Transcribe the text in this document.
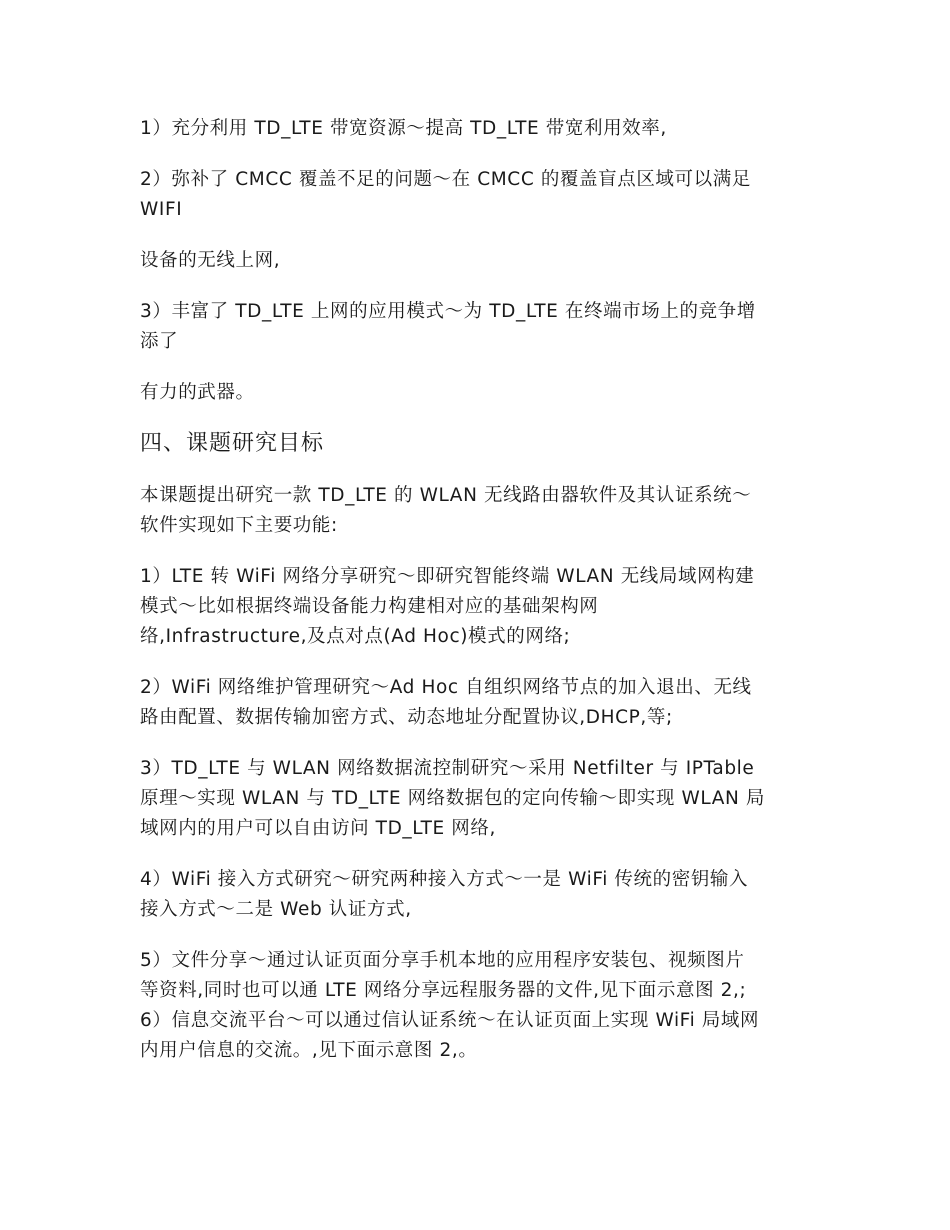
1）充分利用 TD_LTE 带宽资源～提高 TD_LTE 带宽利用效率,
2）弥补了 CMCC 覆盖不足的问题～在 CMCC 的覆盖盲点区域可以满足
WIFI
设备的无线上网,
3）丰富了 TD_LTE 上网的应用模式～为 TD_LTE 在终端市场上的竞争增
添了
有力的武器。
四、课题研究目标
本课题提出研究一款 TD_LTE 的 WLAN 无线路由器软件及其认证系统～
软件实现如下主要功能:
1）LTE 转 WiFi 网络分享研究～即研究智能终端 WLAN 无线局域网构建
模式～比如根据终端设备能力构建相对应的基础架构网
络,Infrastructure,及点对点(Ad Hoc)模式的网络;
2）WiFi 网络维护管理研究～Ad Hoc 自组织网络节点的加入退出、无线
路由配置、数据传输加密方式、动态地址分配置协议,DHCP,等;
3）TD_LTE 与 WLAN 网络数据流控制研究～采用 Netfilter 与 IPTable
原理～实现 WLAN 与 TD_LTE 网络数据包的定向传输～即实现 WLAN 局
域网内的用户可以自由访问 TD_LTE 网络,
4）WiFi 接入方式研究～研究两种接入方式～一是 WiFi 传统的密钥输入
接入方式～二是 Web 认证方式,
5）文件分享～通过认证页面分享手机本地的应用程序安装包、视频图片
等资料,同时也可以通 LTE 网络分享远程服务器的文件,见下面示意图 2,;
6）信息交流平台～可以通过信认证系统～在认证页面上实现 WiFi 局域网
内用户信息的交流。,见下面示意图 2,。
